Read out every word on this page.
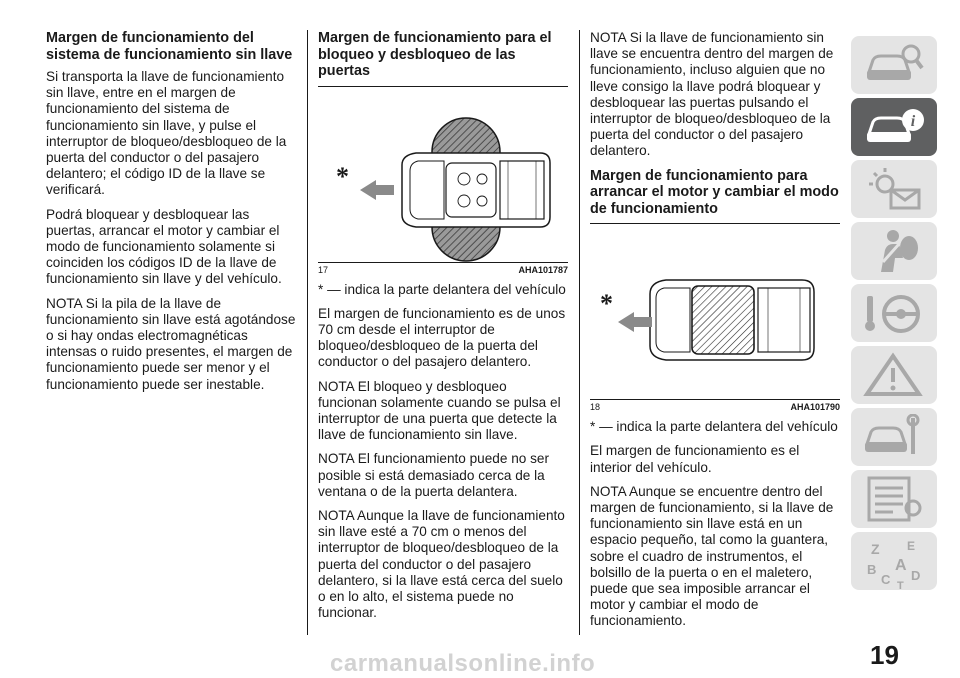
Margen de funcionamiento del sistema de funcionamiento sin llave

Si transporta la llave de funcionamiento sin llave, entre en el margen de funcionamiento del sistema de funcionamiento sin llave, y pulse el interruptor de bloqueo/desbloqueo de la puerta del conductor o del pasajero delantero; el código ID de la llave se verificará.

Podrá bloquear y desbloquear las puertas, arrancar el motor y cambiar el modo de funcionamiento solamente si coinciden los códigos ID de la llave de funcionamiento sin llave y del vehículo.

NOTA Si la pila de la llave de funcionamiento sin llave está agotándose o si hay ondas electromagnéticas intensas o ruido presentes, el margen de funcionamiento puede ser menor y el funcionamiento puede ser inestable.

Margen de funcionamiento para el bloqueo y desbloqueo de las puertas
*
17	AHA101787

* — indica la parte delantera del vehículo

El margen de funcionamiento es de unos 70 cm desde el interruptor de bloqueo/desbloqueo de la puerta del conductor o del pasajero delantero.

NOTA El bloqueo y desbloqueo funcionan solamente cuando se pulsa el interruptor de una puerta que detecte la llave de funcionamiento sin llave.

NOTA El funcionamiento puede no ser posible si está demasiado cerca de la ventana o de la puerta delantera.

NOTA Aunque la llave de funcionamiento sin llave esté a 70 cm o menos del interruptor de bloqueo/desbloqueo de la puerta del conductor o del pasajero delantero, si la llave está cerca del suelo o en lo alto, el sistema puede no funcionar.

NOTA Si la llave de funcionamiento sin llave se encuentra dentro del margen de funcionamiento, incluso alguien que no lleve consigo la llave podrá bloquear y desbloquear las puertas pulsando el interruptor de bloqueo/desbloqueo de la puerta del conductor o del pasajero delantero.

Margen de funcionamiento para arrancar el motor y cambiar el modo de funcionamiento
*
18	AHA101790

* — indica la parte delantera del vehículo

El margen de funcionamiento es el interior del vehículo.

NOTA Aunque se encuentre dentro del margen de funcionamiento, si la llave de funcionamiento sin llave está en un espacio pequeño, tal como la guantera, sobre el cuadro de instrumentos, el bolsillo de la puerta o en el maletero, puede que sea imposible arrancar el motor y cambiar el modo de funcionamiento.

i
Z E
B A
C D
T
19
carmanualsonline.info
